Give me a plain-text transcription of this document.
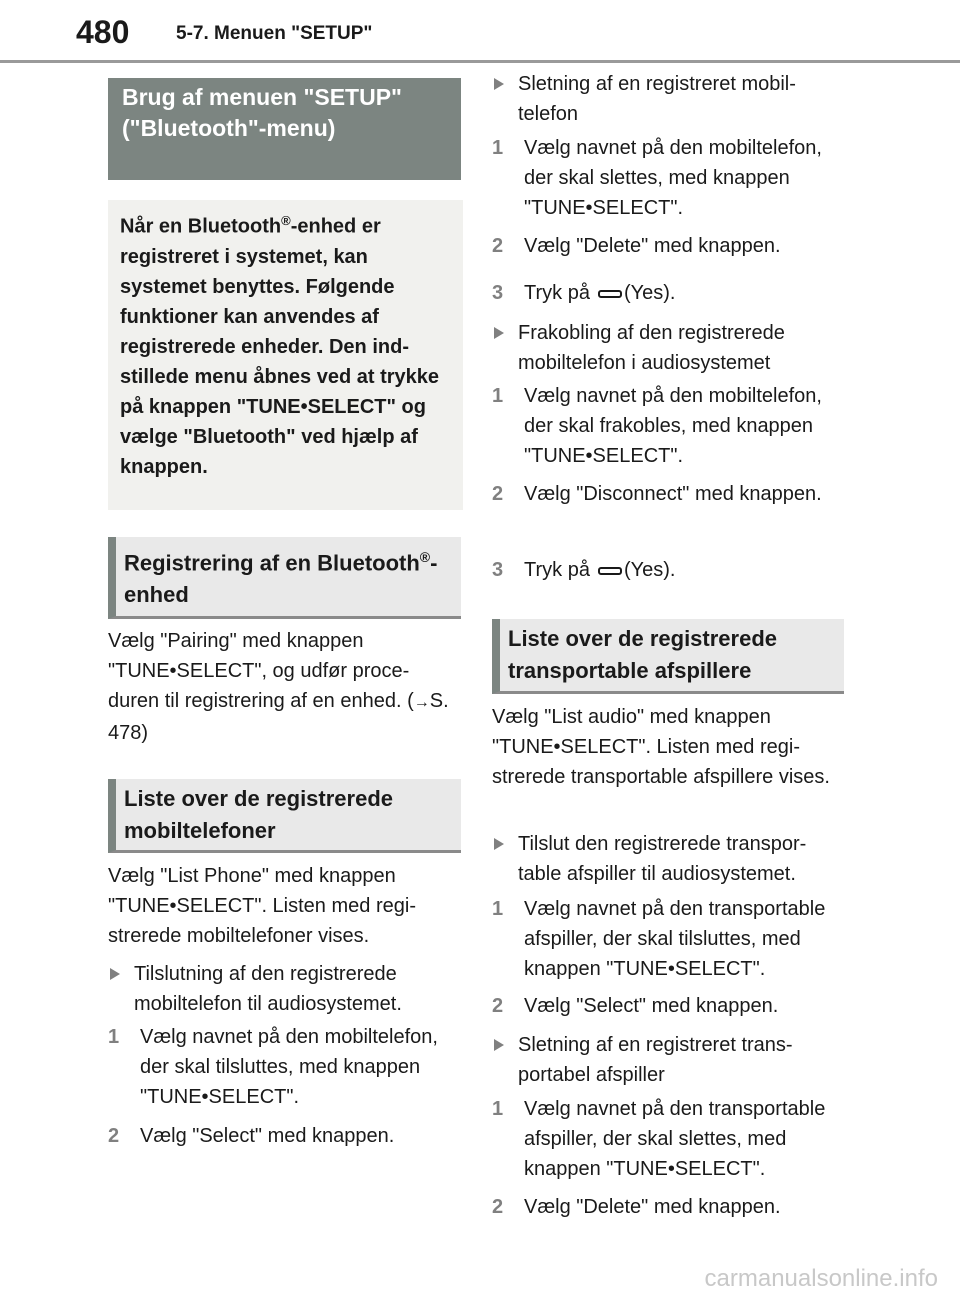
480 5-7. Menuen "SETUP"
Brug af menuen "SETUP" ("Bluetooth"-menu)
Når en Bluetooth®-enhed er registreret i systemet, kan systemet benyttes. Følgende funktioner kan anvendes af registrerede enheder. Den indstillede menu åbnes ved at trykke på knappen "TUNE•SELECT" og vælge "Bluetooth" ved hjælp af knappen.
Registrering af en Bluetooth®-enhed
Vælg "Pairing" med knappen "TUNE•SELECT", og udfør proceduren til registrering af en enhed. (→S. 478)
Liste over de registrerede mobiltelefoner
Vælg "List Phone" med knappen "TUNE•SELECT". Listen med registrerede mobiltelefoner vises.
Tilslutning af den registrerede mobiltelefon til audiosystemet.
1 Vælg navnet på den mobiltelefon, der skal tilsluttes, med knappen "TUNE•SELECT".
2 Vælg "Select" med knappen.
Sletning af en registreret mobiltelefon
1 Vælg navnet på den mobiltelefon, der skal slettes, med knappen "TUNE•SELECT".
2 Vælg "Delete" med knappen.
3 Tryk på (Yes).
Frakobling af den registrerede mobiltelefon i audiosystemet
1 Vælg navnet på den mobiltelefon, der skal frakobles, med knappen "TUNE•SELECT".
2 Vælg "Disconnect" med knappen.
3 Tryk på (Yes).
Liste over de registrerede transportable afspillere
Vælg "List audio" med knappen "TUNE•SELECT". Listen med registrerede transportable afspillere vises.
Tilslut den registrerede transportable afspiller til audiosystemet.
1 Vælg navnet på den transportable afspiller, der skal tilsluttes, med knappen "TUNE•SELECT".
2 Vælg "Select" med knappen.
Sletning af en registreret transportabel afspiller
1 Vælg navnet på den transportable afspiller, der skal slettes, med knappen "TUNE•SELECT".
2 Vælg "Delete" med knappen.
carmanualsonline.info
